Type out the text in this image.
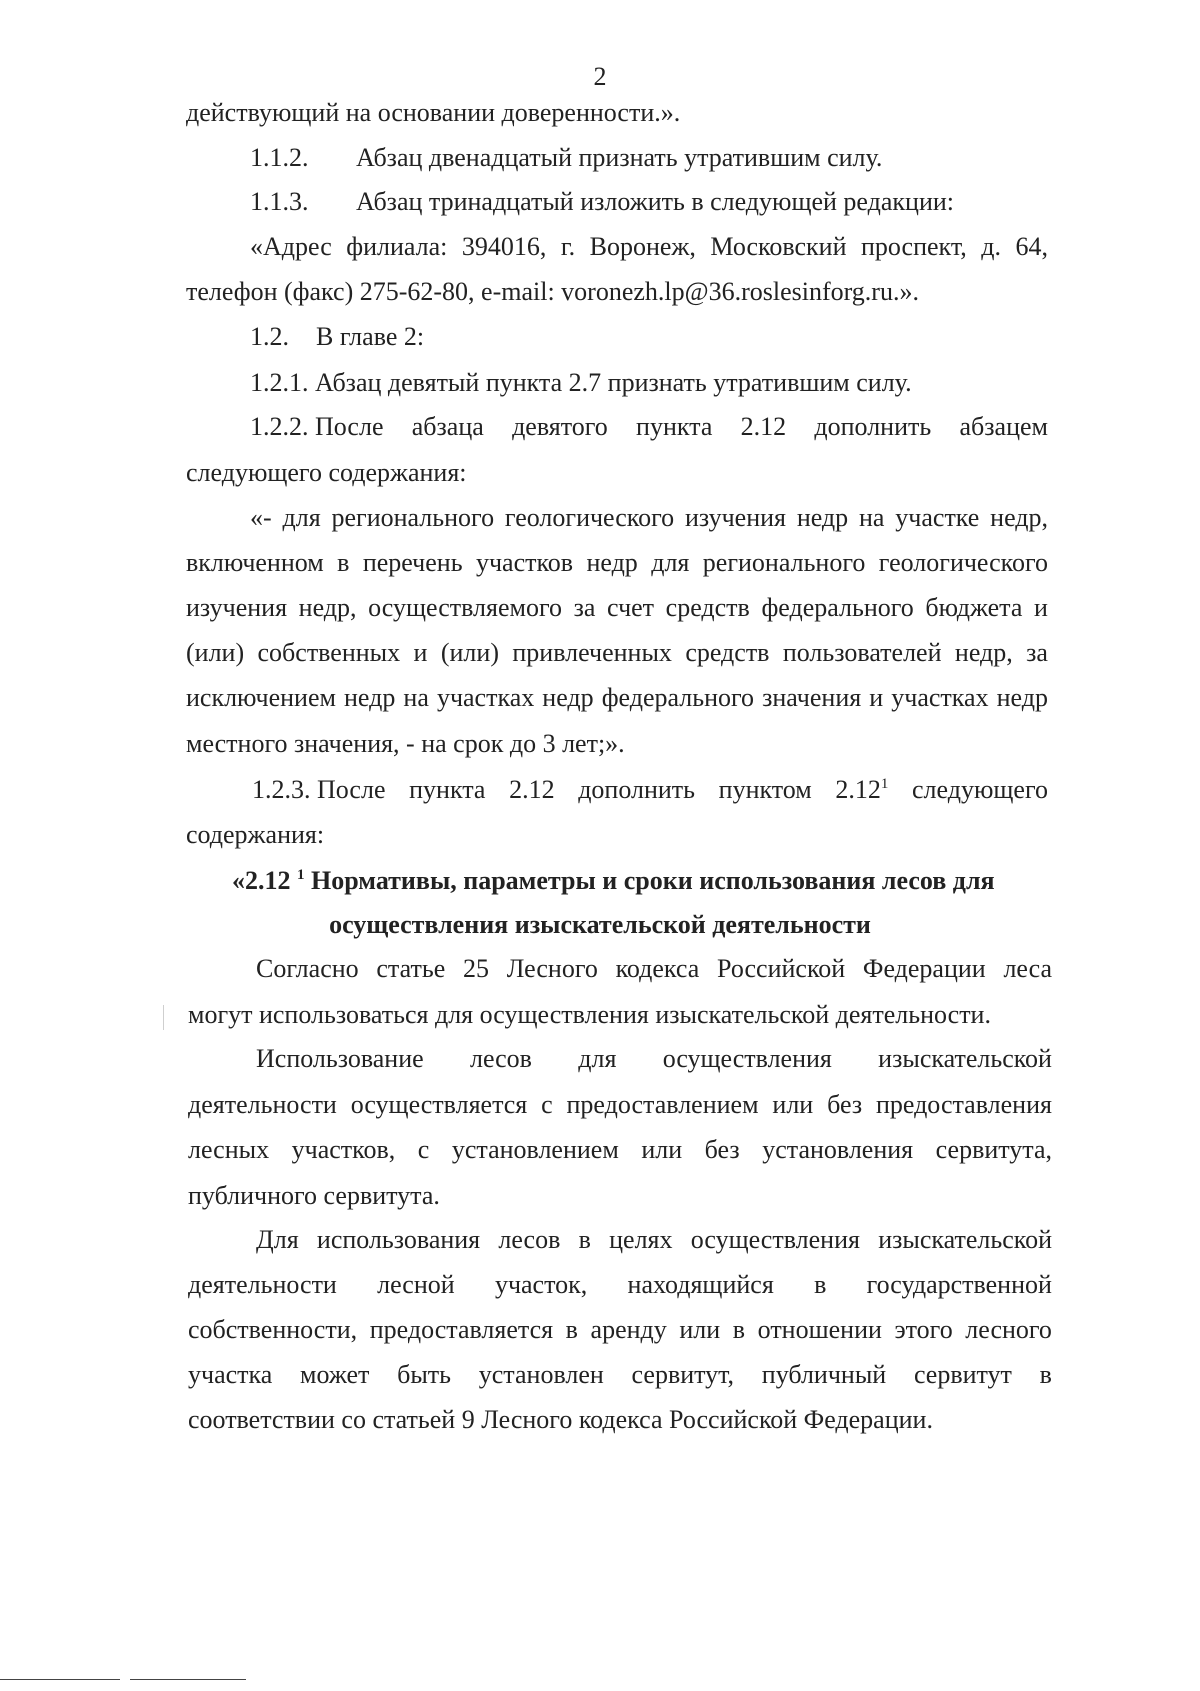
2
действующий на основании доверенности.».
1.1.2. Абзац двенадцатый признать утратившим силу.
1.1.3. Абзац тринадцатый изложить в следующей редакции:
«Адрес филиала: 394016, г. Воронеж, Московский проспект, д. 64,
телефон (факс) 275-62-80, e-mail: voronezh.lp@36.roslesinforg.ru.».
1.2. В главе 2:
1.2.1. Абзац девятый пункта 2.7 признать утратившим силу.
1.2.2. После абзаца девятого пункта 2.12 дополнить абзацем
следующего содержания:
«- для регионального геологического изучения недр на участке недр,
включенном в перечень участков недр для регионального геологического
изучения недр, осуществляемого за счет средств федерального бюджета и
(или) собственных и (или) привлеченных средств пользователей недр, за
исключением недр на участках недр федерального значения и участках недр
местного значения, - на срок до 3 лет;».
1.2.3. После пункта 2.12 дополнить пунктом 2.12$^1$ следующего
содержания:
«2.12 $^1$ Нормативы, параметры и сроки использования лесов для
осуществления изыскательской деятельности
Согласно статье 25 Лесного кодекса Российской Федерации леса
могут использоваться для осуществления изыскательской деятельности.
Использование лесов для осуществления изыскательской
деятельности осуществляется с предоставлением или без предоставления
лесных участков, с установлением или без установления сервитута,
публичного сервитута.
Для использования лесов в целях осуществления изыскательской
деятельности лесной участок, находящийся в государственной
собственности, предоставляется в аренду или в отношении этого лесного
участка может быть установлен сервитут, публичный сервитут в
соответствии со статьей 9 Лесного кодекса Российской Федерации.
